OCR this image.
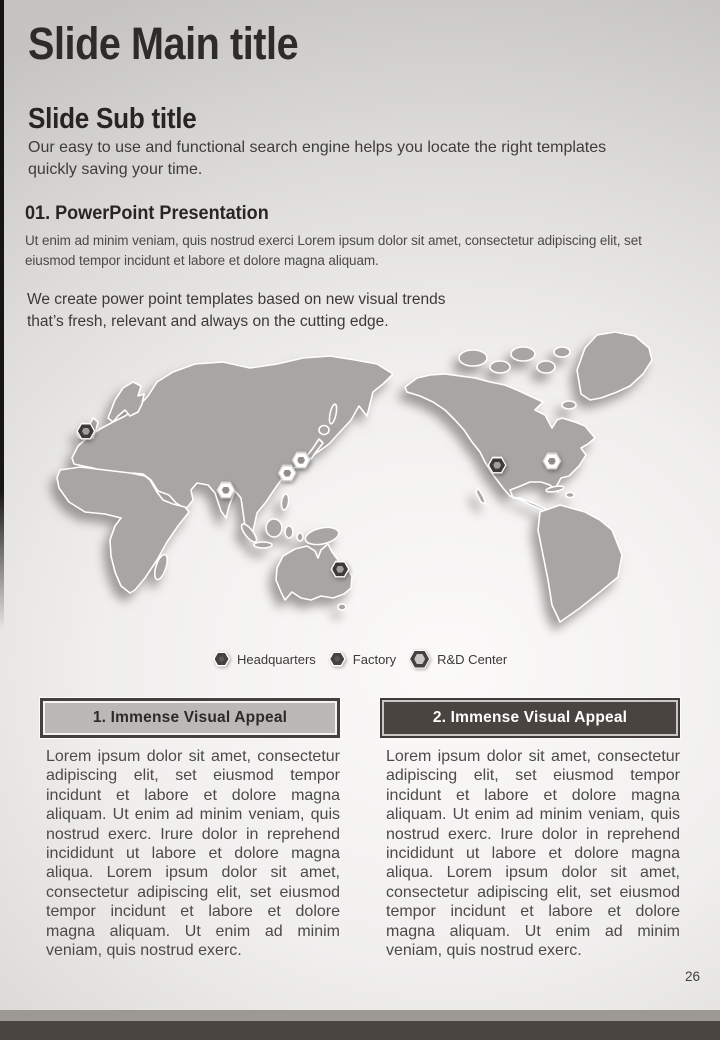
Slide Main title
Slide Sub title
Our easy to use and functional search engine helps you locate the right templates quickly saving your time.
01. PowerPoint Presentation
Ut enim ad minim veniam, quis nostrud exerci Lorem ipsum dolor sit amet, consectetur adipiscing elit, set eiusmod tempor incidunt et labore et dolore magna aliquam.
We create power point templates based on new visual trends that’s fresh, relevant and always on the cutting edge.
Headquarters	Factory	R&D Center
1. Immense Visual Appeal	2. Immense Visual Appeal
Lorem ipsum dolor sit amet, consectetur adipiscing elit, set eiusmod tempor incidunt et labore et dolore magna aliquam. Ut enim ad minim veniam, quis nostrud exerc. Irure dolor in reprehend incididunt ut labore et dolore magna aliqua. Lorem ipsum dolor sit amet, consectetur adipiscing elit, set eiusmod tempor incidunt et labore et dolore magna aliquam. Ut enim ad minim veniam, quis nostrud exerc.
Lorem ipsum dolor sit amet, consectetur adipiscing elit, set eiusmod tempor incidunt et labore et dolore magna aliquam. Ut enim ad minim veniam, quis nostrud exerc. Irure dolor in reprehend incididunt ut labore et dolore magna aliqua. Lorem ipsum dolor sit amet, consectetur adipiscing elit, set eiusmod tempor incidunt et labore et dolore magna aliquam. Ut enim ad minim veniam, quis nostrud exerc.
26
